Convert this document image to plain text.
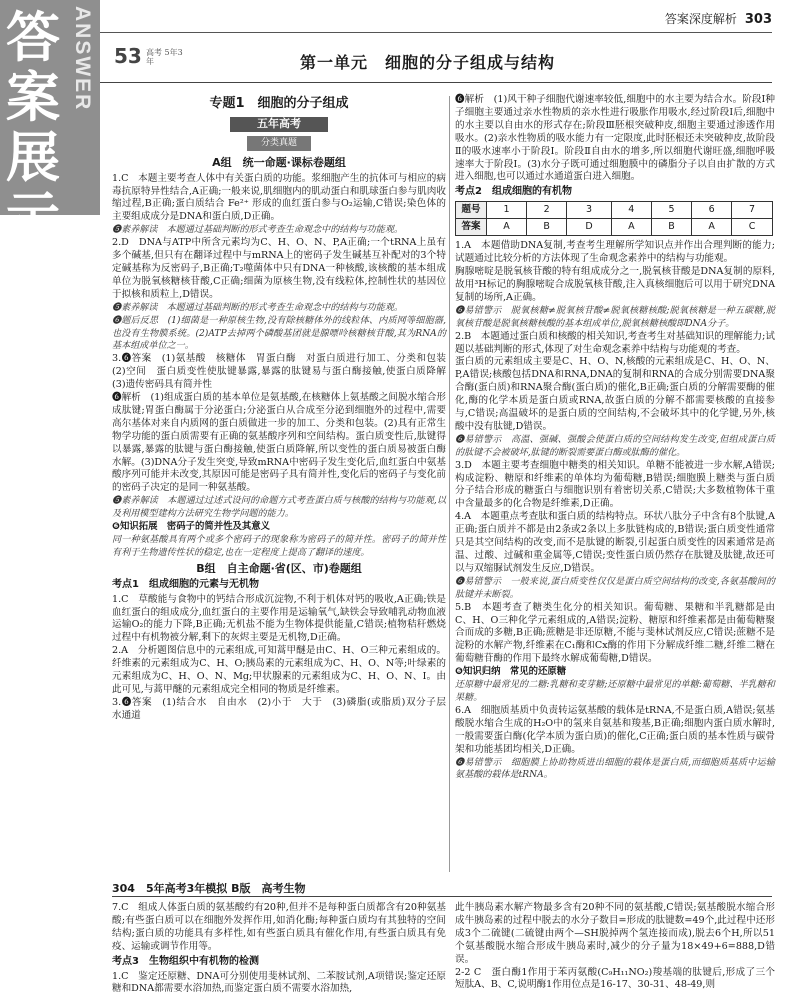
答案展示
ANSWER	答案深度解析 303
53 高考 5年3年	第一单元　细胞的分子组成与结构
专题1　细胞的分子组成
五年高考
分类真题
A组　统一命题·课标卷题组

1.C　本题主要考查人体中有关蛋白质的功能。浆细胞产生的抗体可与相应的病毒抗原特异性结合,A正确;一般来说,肌细胞内的肌动蛋白和肌球蛋白参与肌肉收缩过程,B正确;蛋白质结合 Fe²⁺ 形成的血红蛋白参与O₂运输,C错误;染色体的主要组成成分是DNA和蛋白质,D正确。

❺素养解读　本题通过基础判断的形式考查生命观念中的结构与功能观。

2.D　DNA与ATP中所含元素均为C、H、O、N、P,A正确;一个tRNA上虽有多个碱基,但只有在翻译过程中与mRNA上的密码子发生碱基互补配对的3个特定碱基称为反密码子,B正确;T₂噬菌体中只有DNA一种核酸,该核酸的基本组成单位为脱氧核糖核苷酸,C正确;细菌为原核生物,没有线粒体,控制性状的基因位于拟核和质粒上,D错误。

❺素养解读　本题通过基础判断的形式考查生命观念中的结构与功能观。

❻题后反思　(1)细菌是一种原核生物,没有除核糖体外的线粒体、内质网等细胞器,也没有生物膜系统。(2)ATP去掉两个磷酸基团就是腺嘌呤核糖核苷酸,其为RNA的基本组成单位之一。

3.❻答案　(1)氨基酸　核糖体　胃蛋白酶　对蛋白质进行加工、分类和包装　(2)空间　蛋白质变性使肽键暴露,暴露的肽键易与蛋白酶接触,使蛋白质降解　(3)遗传密码具有简并性

❻解析　(1)组成蛋白质的基本单位是氨基酸,在核糖体上氨基酸之间脱水缩合形成肽键;胃蛋白酶属于分泌蛋白;分泌蛋白从合成至分泌到细胞外的过程中,需要高尔基体对来自内质网的蛋白质做进一步的加工、分类和包装。(2)具有正常生物学功能的蛋白质需要有正确的氨基酸序列和空间结构。蛋白质变性后,肽键得以暴露,暴露的肽键与蛋白酶接触,使蛋白质降解,所以变性的蛋白质易被蛋白酶水解。(3)DNA分子发生突变,导致mRNA中密码子发生变化后,血红蛋白中氨基酸序列可能并未改变,其原因可能是密码子具有简并性,变化后的密码子与变化前的密码子决定的是同一种氨基酸。

❺素养解读　本题通过过述式设问的命题方式考查蛋白质与核酸的结构与功能观,以及利用模型建构方法研究生物学问题的能力。

❻知识拓展　密码子的简并性及其意义

同一种氨基酸具有两个或多个密码子的现象称为密码子的简并性。密码子的简并性有利于生物遗传性状的稳定,也在一定程度上提高了翻译的速度。

B组　自主命题·省(区、市)卷题组
考点1　组成细胞的元素与无机物

1.C　草酸能与食物中的钙结合形成沉淀物,不利于机体对钙的吸收,A正确;铁是血红蛋白的组成成分,血红蛋白的主要作用是运输氧气,缺铁会导致哺乳动物血液运输O₂的能力下降,B正确;无机盐不能为生物体提供能量,C错误;植物秸秆燃烧过程中有机物被分解,剩下的灰烬主要是无机物,D正确。

2.A　分析题图信息中的元素组成,可知蒿甲醚是由C、H、O三种元素组成的。纤维素的元素组成为C、H、O;胰岛素的元素组成为C、H、O、N等;叶绿素的元素组成为C、H、O、N、Mg;甲状腺素的元素组成为C、H、O、N、I。由此可见,与蒿甲醚的元素组成完全相同的物质是纤维素。

3.❻答案　(1)结合水　自由水　(2)小于　大于　(3)磷脂(或脂质)双分子层　水通道

❻解析　(1)风干种子细胞代谢速率较低,细胞中的水主要为结合水。阶段Ⅰ种子细胞主要通过亲水性物质的亲水性进行吸胀作用吸水,经过阶段Ⅰ后,细胞中的水主要以自由水的形式存在;阶段Ⅲ胚根突破种皮,细胞主要通过渗透作用吸水。(2)亲水性物质的吸水能力有一定限度,此时胚根还未突破种皮,故阶段Ⅱ的吸水速率小于阶段Ⅰ。阶段Ⅱ自由水的增多,所以细胞代谢旺盛,细胞呼吸速率大于阶段Ⅰ。(3)水分子既可通过细胞膜中的磷脂分子以自由扩散的方式进入细胞,也可以通过水通道蛋白进入细胞。

考点2　组成细胞的有机物
题号	1	2	3	4	5	6	7
答案	A	B	D	A	B	A	C

1.A　本题借助DNA复制,考查考生理解所学知识点并作出合理判断的能力;试题通过比较分析的方法体现了生命观念素养中的结构与功能观。

胸腺嘧啶是脱氧核苷酸的特有组成成分之一,脱氧核苷酸是DNA复制的原料,故用³H标记的胸腺嘧啶合成脱氧核苷酸,注入真核细胞后可以用于研究DNA复制的场所,A正确。

❻易错警示　脱氧核糖≠脱氧核苷酸≠脱氧核糖核酸;脱氧核糖是一种五碳糖,脱氧核苷酸是脱氧核糖核酸的基本组成单位,脱氧核糖核酸即DNA分子。

2.B　本题通过蛋白质和核酸的相关知识,考查考生对基础知识的理解能力;试题以基础判断的形式,体现了对生命观念素养中结构与功能观的考查。

蛋白质的元素组成主要是C、H、O、N,核酸的元素组成是C、H、O、N、P,A错误;核酸包括DNA和RNA,DNA的复制和RNA的合成分别需要DNA聚合酶(蛋白质)和RNA聚合酶(蛋白质)的催化,B正确;蛋白质的分解需要酶的催化,酶的化学本质是蛋白质或RNA,故蛋白质的分解不都需要核酸的直接参与,C错误;高温破坏的是蛋白质的空间结构,不会破坏其中的化学键,另外,核酸中没有肽键,D错误。

❻易错警示　高温、强碱、强酸会使蛋白质的空间结构发生改变,但组成蛋白质的肽键不会被破坏,肽键的断裂需要蛋白酶或肽酶的催化。

3.D　本题主要考查细胞中糖类的相关知识。单糖不能被进一步水解,A错误;构成淀粉、糖原和纤维素的单体均为葡萄糖,B错误;细胞膜上糖类与蛋白质分子结合形成的糖蛋白与细胞识别有着密切关系,C错误;大多数植物体干重中含量最多的化合物是纤维素,D正确。

4.A　本题重点考查肽和蛋白质的结构特点。环状八肽分子中含有8个肽键,A正确;蛋白质并不都是由2条或2条以上多肽链构成的,B错误;蛋白质变性通常只是其空间结构的改变,而不是肽键的断裂,引起蛋白质变性的因素通常是高温、过酸、过碱和重金属等,C错误;变性蛋白质仍然存在肽键及肽键,故还可以与双缩脲试剂发生反应,D错误。

❻易错警示　一般来说,蛋白质变性仅仅是蛋白质空间结构的改变,各氨基酸间的肽键并未断裂。

5.B　本题考查了糖类生化分的相关知识。葡萄糖、果糖和半乳糖都是由C、H、O三种化学元素组成的,A错误;淀粉、糖原和纤维素都是由葡萄糖聚合而成的多糖,B正确;蔗糖是非还原糖,不能与斐林试剂反应,C错误;蔗糖不是淀粉的水解产物,纤维素在C₁酶和Cx酶的作用下分解成纤维二糖,纤维二糖在葡萄糖苷酶的作用下最终水解成葡萄糖,D错误。

❻知识归纳　常见的还原糖

还原糖中最常见的二糖:乳糖和麦芽糖;还原糖中最常见的单糖:葡萄糖、半乳糖和果糖。

6.A　细胞质基质中负责转运氨基酸的载体是tRNA,不是蛋白质,A错误;氨基酸脱水缩合生成的H₂O中的氢来自氨基和羧基,B正确;细胞内蛋白质水解时,一般需要蛋白酶(化学本质为蛋白质)的催化,C正确;蛋白质的基本性质与碳骨架和功能基团均相关,D正确。

❻易错警示　细胞膜上协助物质进出细胞的载体是蛋白质,而细胞质基质中运输氨基酸的载体是tRNA。

304　5年高考3年模拟 B版　高考生物

7.C　组成人体蛋白质的氨基酸约有20种,但并不是每种蛋白质都含有20种氨基酸;有些蛋白质可以在细胞外发挥作用,如消化酶;每种蛋白质均有其独特的空间结构;蛋白质的功能具有多样性,如有些蛋白质具有催化作用,有些蛋白质具有免疫、运输或调节作用等。

考点3　生物组织中有机物的检测

1.C　鉴定还原糖、DNA可分别使用斐林试剂、二苯胺试剂,A项错误;鉴定还原糖和DNA都需要水浴加热,而鉴定蛋白质不需要水浴加热,

此牛胰岛素水解产物最多含有20种不同的氨基酸,C错误;氨基酸脱水缩合形成牛胰岛素的过程中脱去的水分子数目=形成的肽键数=49个,此过程中还形成3个二硫键(二硫键由两个—SH脱掉两个氢连接而成),脱去6个H,所以51个氨基酸脱水缩合形成牛胰岛素时,减少的分子量为18×49+6=888,D错误。

2-2 C　蛋白酶1作用于苯丙氨酸(C₉H₁₁NO₂)羧基端的肽键后,形成了三个短肽A、B、C,说明酶1作用位点是16-17、30-31、48-49,则
